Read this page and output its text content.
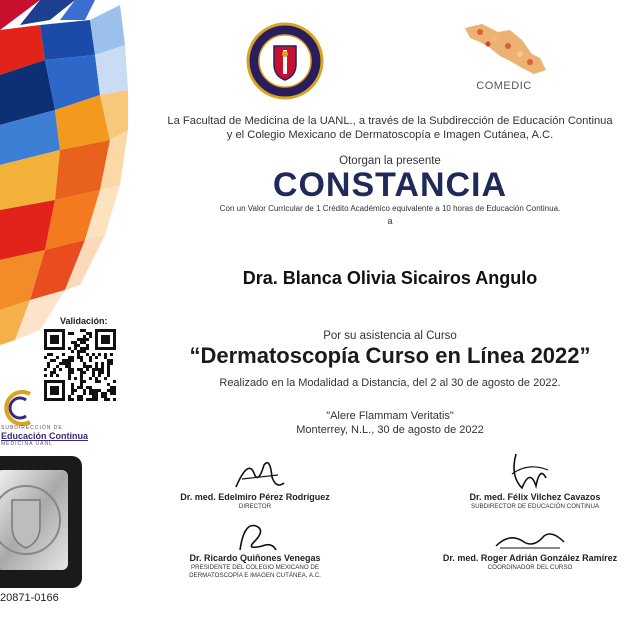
COMEDIC
La Facultad de Medicina de la UANL., a través de la Subdirección de Educación Continua
y el Colegio Mexicano de Dermatoscopía e Imagen Cutánea, A.C.
Otorgan la presente
CONSTANCIA
Con un Valor Curricular de 1 Crédito Académico equivalente a 10 horas de Educación Continua.
a
Dra. Blanca Olivia Sicairos Angulo
Por su asistencia al Curso
“Dermatoscopía Curso en Línea 2022”
Realizado en la Modalidad a Distancia, del 2 al 30 de agosto de 2022.
"Alere Flammam Veritatis"
Monterrey, N.L., 30 de agosto de 2022
Dr. med. Edelmiro Pérez Rodríguez
DIRECTOR
Dr. med. Félix Vilchez Cavazos
SUBDIRECTOR DE EDUCACIÓN CONTINUA
Dr. Ricardo Quiñones Venegas
PRESIDENTE DEL COLEGIO MEXICANO DE
DERMATOSCOPÍA E IMAGEN CUTÁNEA, A.C.
Dr. med. Roger Adrián González Ramírez
COORDINADOR DEL CURSO
Validación:
SUBDIRECCIÓN DE
Educación Continua
MEDICINA UANL
20871-0166
